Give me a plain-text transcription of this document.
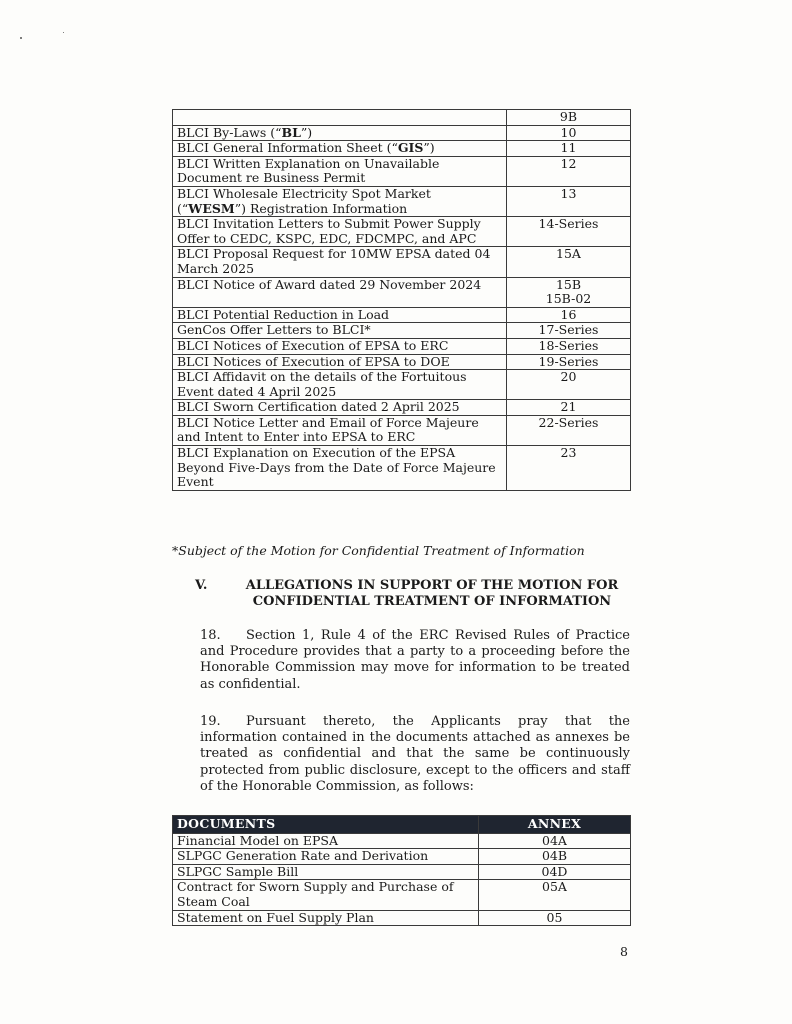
	9B
BLCI By-Laws (“BL”)	10
BLCI General Information Sheet (“GIS”)	11
BLCI Written Explanation on Unavailable Document re Business Permit	12
BLCI Wholesale Electricity Spot Market (“WESM”) Registration Information	13
BLCI Invitation Letters to Submit Power Supply Offer to CEDC, KSPC, EDC, FDCMPC, and APC	14-Series
BLCI Proposal Request for 10MW EPSA dated 04 March 2025	15A
BLCI Notice of Award dated 29 November 2024	15B
15B-02
BLCI Potential Reduction in Load	16
GenCos Offer Letters to BLCI*	17-Series
BLCI Notices of Execution of EPSA to ERC	18-Series
BLCI Notices of Execution of EPSA to DOE	19-Series
BLCI Affidavit on the details of the Fortuitous Event dated 4 April 2025	20
BLCI Sworn Certification dated 2 April 2025	21
BLCI Notice Letter and Email of Force Majeure and Intent to Enter into EPSA to ERC	22-Series
BLCI Explanation on Execution of the EPSA Beyond Five-Days from the Date of Force Majeure Event	23
*Subject of the Motion for Confidential Treatment of Information
V.	ALLEGATIONS IN SUPPORT OF THE MOTION FOR CONFIDENTIAL TREATMENT OF INFORMATION

18. Section 1, Rule 4 of the ERC Revised Rules of Practice and Procedure provides that a party to a proceeding before the Honorable Commission may move for information to be treated as confidential.

19. Pursuant thereto, the Applicants pray that the information contained in the documents attached as annexes be treated as confidential and that the same be continuously protected from public disclosure, except to the officers and staff of the Honorable Commission, as follows:

DOCUMENTS	ANNEX
Financial Model on EPSA	04A
SLPGC Generation Rate and Derivation	04B
SLPGC Sample Bill	04D
Contract for Sworn Supply and Purchase of Steam Coal	05A
Statement on Fuel Supply Plan	05
8
